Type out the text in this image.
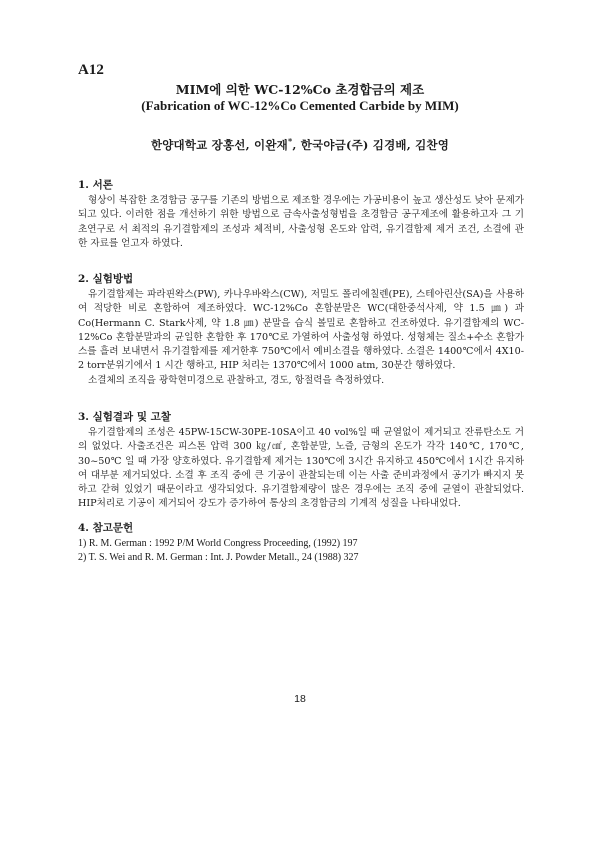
A12
MIM에 의한 WC-12%Co 초경합금의 제조
(Fabrication of WC-12%Co Cemented Carbide by MIM)
한양대학교 장홍선, 이완재*, 한국야금(주) 김경배, 김찬영
1. 서론

형상이 복잡한 초경합금 공구를 기존의 방법으로 제조할 경우에는 가공비용이 높고 생산성도 낮아 문제가 되고 있다. 이러한 점을 개선하기 위한 방법으로 금속사출성형법을 초경합금 공구제조에 활용하고자 그 기초연구로 서 최적의 유기결합제의 조성과 체적비, 사출성형 온도와 압력, 유기결합제 제거 조건, 소결에 관한 자료를 얻고자 하였다.

2. 실험방법

유기결합제는 파라핀왁스(PW), 카나우바왁스(CW), 저밀도 폴리에칠렌(PE), 스테아린산(SA)을 사용하여 적당한 비로 혼합하여 제조하였다. WC-12%Co 혼합분말은 WC(대한중석사제, 약 1.5 ㎛) 과 Co(Hermann C. Stark사제, 약 1.8 ㎛) 분말을 습식 볼밀로 혼합하고 건조하였다. 유기결합제의 WC-12%Co 혼합분말과의 균일한 혼합한 후 170℃로 가열하여 사출성형 하였다. 성형체는 질소+수소 혼합가스를 흘려 보내면서 유기결합제를 제거한후 750℃에서 예비소결을 행하였다. 소결은 1400℃에서 4X10-2 torr분위기에서 1 시간 행하고, HIP 처리는 1370℃에서 1000 atm, 30분간 행하였다.

소결체의 조직을 광학현미경으로 관찰하고, 경도, 항절력을 측정하였다.

3. 실험결과 및 고찰

유기결합제의 조성은 45PW-15CW-30PE-10SA이고 40 vol%일 때 균열없이 제거되고 잔류탄소도 거의 없었다. 사출조건은 피스톤 압력 300 ㎏/㎠, 혼합분말, 노즐, 금형의 온도가 각각 140℃, 170℃, 30~50℃ 일 때 가장 양호하였다. 유기결합제 제거는 130℃에 3시간 유지하고 450℃에서 1시간 유지하여 대부분 제거되었다. 소결 후 조직 중에 큰 기공이 관찰되는데 이는 사출 준비과정에서 공기가 빠지지 못하고 갇혀 있었기 때문이라고 생각되었다. 유기결합제량이 많은 경우에는 조직 중에 균열이 관찰되었다. HIP처리로 기공이 제거되어 강도가 증가하여 통상의 초경합금의 기계적 성질을 나타내었다.

4. 참고문헌

1) R. M. German : 1992 P/M World Congress Proceeding, (1992) 197

2) T. S. Wei and R. M. German : Int. J. Powder Metall., 24 (1988) 327

18
